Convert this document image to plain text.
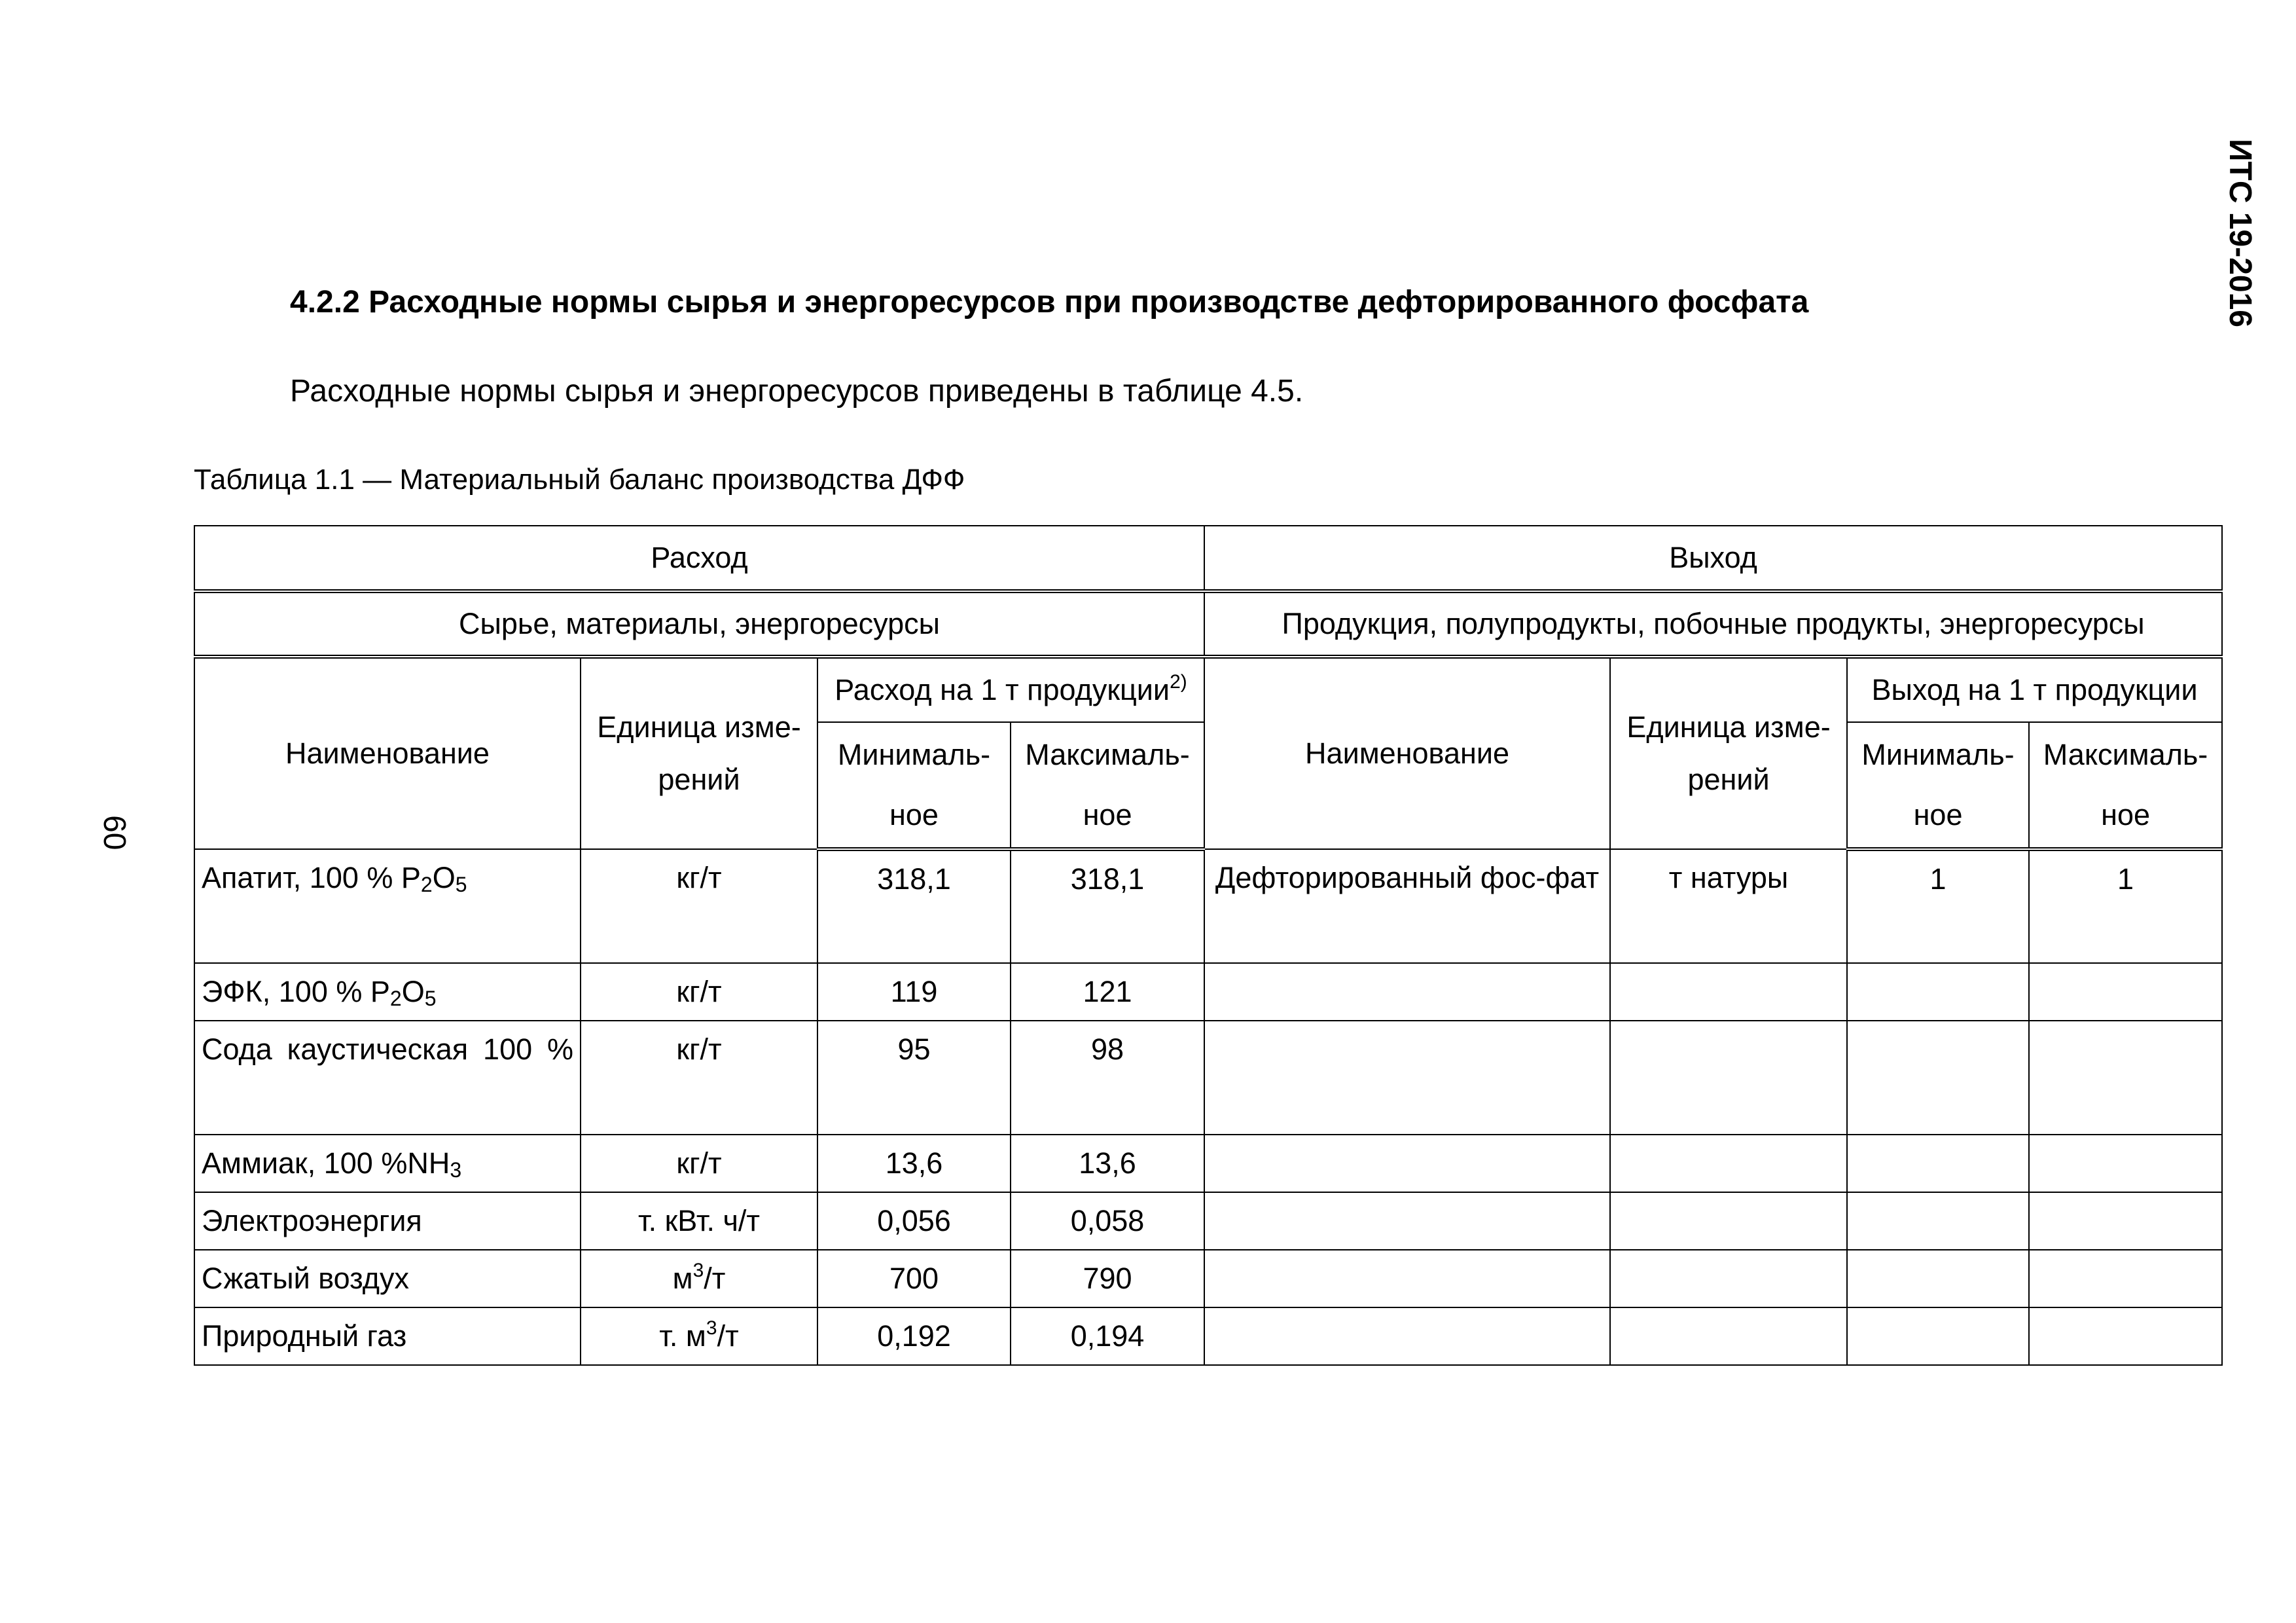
ИТС 19-2016
60
4.2.2 Расходные нормы сырья и энергоресурсов при производстве дефторированного фосфата
Расходные нормы сырья и энергоресурсов приведены в таблице 4.5.
Таблица 1.1 — Материальный баланс производства ДФФ
Расход				Выход			
Сырье, материалы, энергоресурсы				Продукция, полупродукты, побочные продукты, энергоресурсы			
Наименование	Единица изме-рений	Расход на 1 т продукции$^{2)}$		Наименование	Единица изме-рений	Выход на 1 т продукции	
		Минималь-ное	Максималь-ное			Минималь-ное	Максималь-ное
Апатит, 100 % P2O5	кг/т	318,1	318,1	Дефторированный фос-фат	т натуры	1	1
ЭФК, 100 % P2O5	кг/т	119	121				

Сода каустическая 100 %	кг/т	95	98				
Аммиак, 100 %NH3	кг/т	13,6	13,6				
Электроэнергия	т. кВт. ч/т	0,056	0,058				
Сжатый воздух	$м^3/т$	700	790				
Природный газ	т. $м^3/т$	0,192	0,194				
